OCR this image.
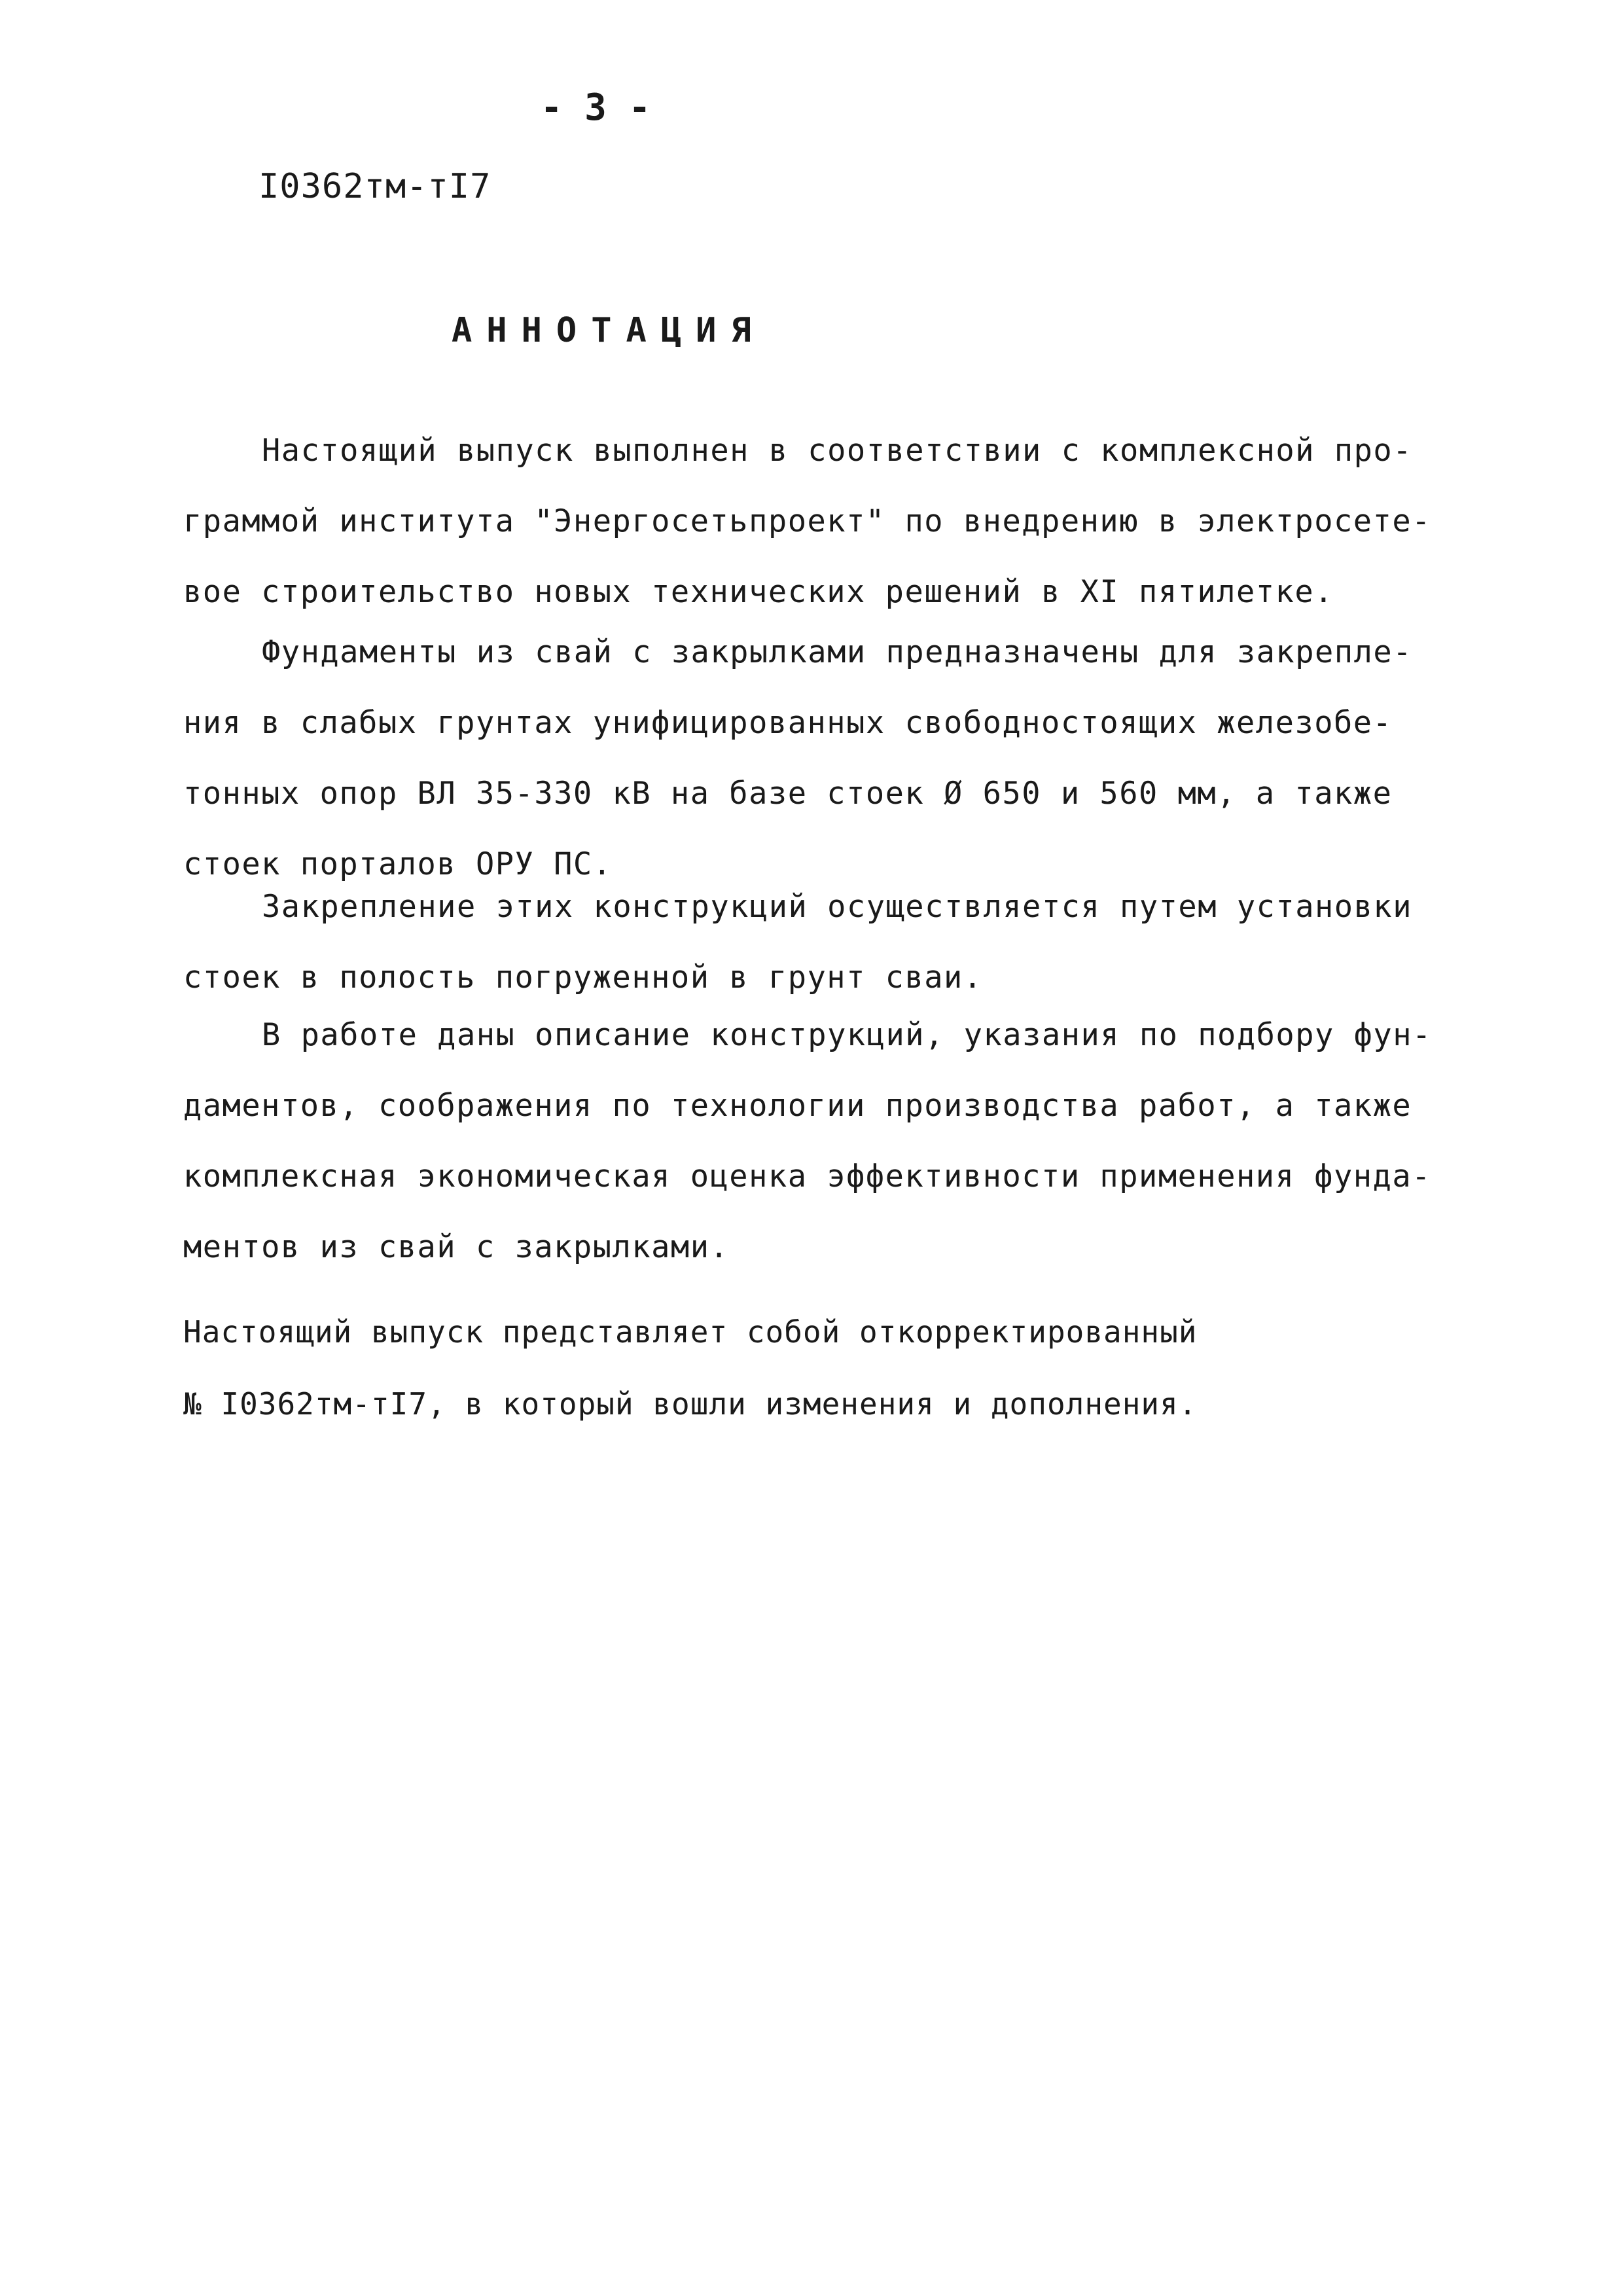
- 3 -
I0362тм-тI7
АННОТАЦИЯ
Настоящий выпуск выполнен в соответствии с комплексной про-
граммой института "Энергосетьпроект" по внедрению в электросете-
вое строительство новых технических решений в XI пятилетке.
Фундаменты из свай с закрылками предназначены для закрепле-
ния в слабых грунтах унифицированных свободностоящих железобе-
тонных опор ВЛ 35-330 кВ на базе стоек Ø 650 и 560 мм, а также
стоек порталов ОРУ ПС.
Закрепление этих конструкций осуществляется путем установки
стоек в полость погруженной в грунт сваи.
В работе даны описание конструкций, указания по подбору фун-
даментов, соображения по технологии производства работ, а также
комплексная экономическая оценка эффективности применения фунда-
ментов из свай с закрылками.
Настоящий выпуск представляет собой откорректированный
№ I0362тм-тI7, в который вошли изменения и дополнения.
